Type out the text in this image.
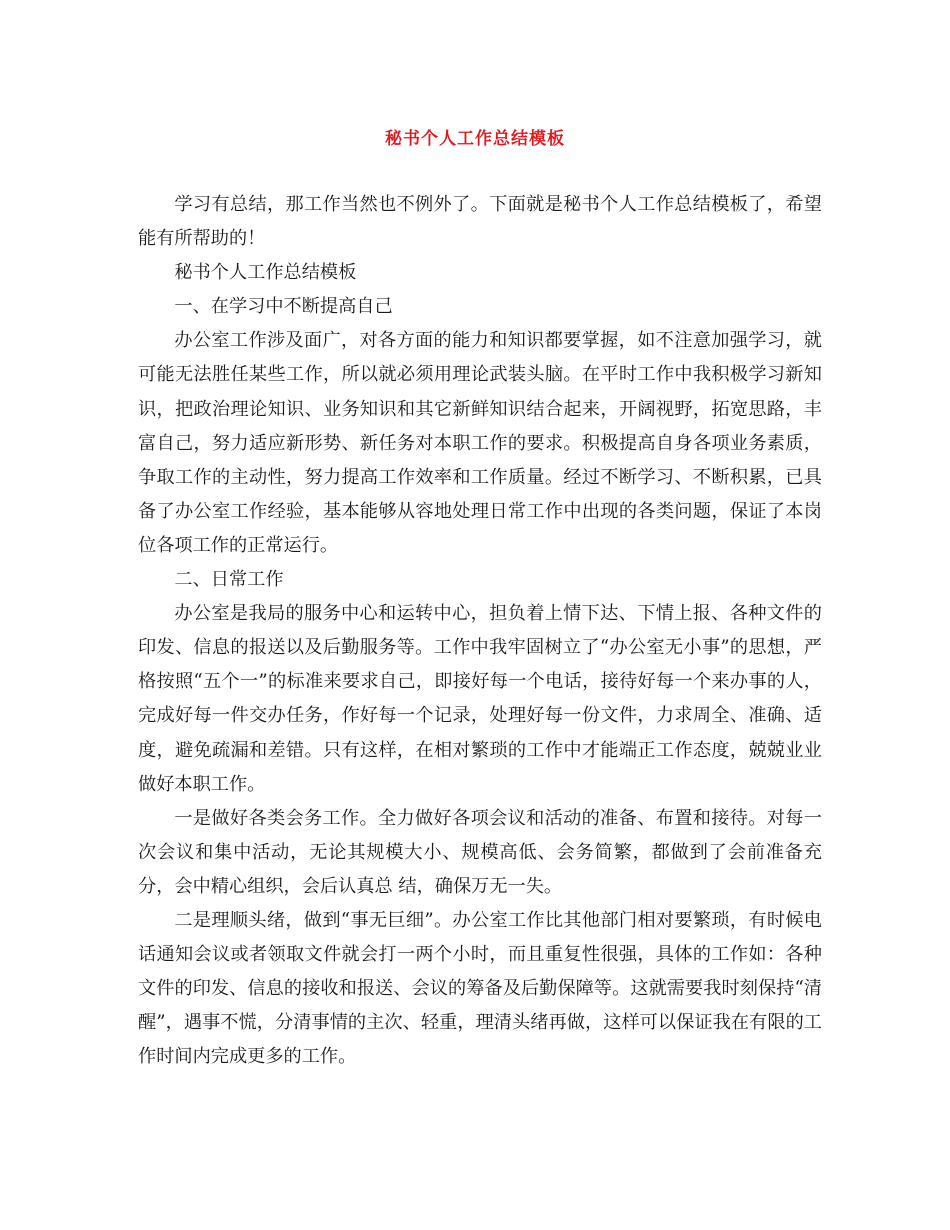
秘书个人工作总结模板

学习有总结，那工作当然也不例外了。下面就是秘书个人工作总结模板了，希望能有所帮助的！

秘书个人工作总结模板

一、在学习中不断提高自己

办公室工作涉及面广，对各方面的能力和知识都要掌握，如不注意加强学习，就可能无法胜任某些工作，所以就必须用理论武装头脑。在平时工作中我积极学习新知识，把政治理论知识、业务知识和其它新鲜知识结合起来，开阔视野，拓宽思路，丰富自己，努力适应新形势、新任务对本职工作的要求。积极提高自身各项业务素质，争取工作的主动性，努力提高工作效率和工作质量。经过不断学习、不断积累，已具备了办公室工作经验，基本能够从容地处理日常工作中出现的各类问题，保证了本岗位各项工作的正常运行。

二、日常工作

办公室是我局的服务中心和运转中心，担负着上情下达、下情上报、各种文件的印发、信息的报送以及后勤服务等。工作中我牢固树立了“办公室无小事”的思想，严格按照“五个一”的标准来要求自己，即接好每一个电话，接待好每一个来办事的人，完成好每一件交办任务，作好每一个记录，处理好每一份文件，力求周全、准确、适度，避免疏漏和差错。只有这样，在相对繁琐的工作中才能端正工作态度，兢兢业业做好本职工作。

一是做好各类会务工作。全力做好各项会议和活动的准备、布置和接待。对每一次会议和集中活动，无论其规模大小、规模高低、会务简繁，都做到了会前准备充分，会中精心组织，会后认真总 结，确保万无一失。

二是理顺头绪，做到“事无巨细”。办公室工作比其他部门相对要繁琐，有时候电话通知会议或者领取文件就会打一两个小时，而且重复性很强，具体的工作如：各种文件的印发、信息的接收和报送、会议的筹备及后勤保障等。这就需要我时刻保持“清醒”，遇事不慌，分清事情的主次、轻重，理清头绪再做，这样可以保证我在有限的工作时间内完成更多的工作。
